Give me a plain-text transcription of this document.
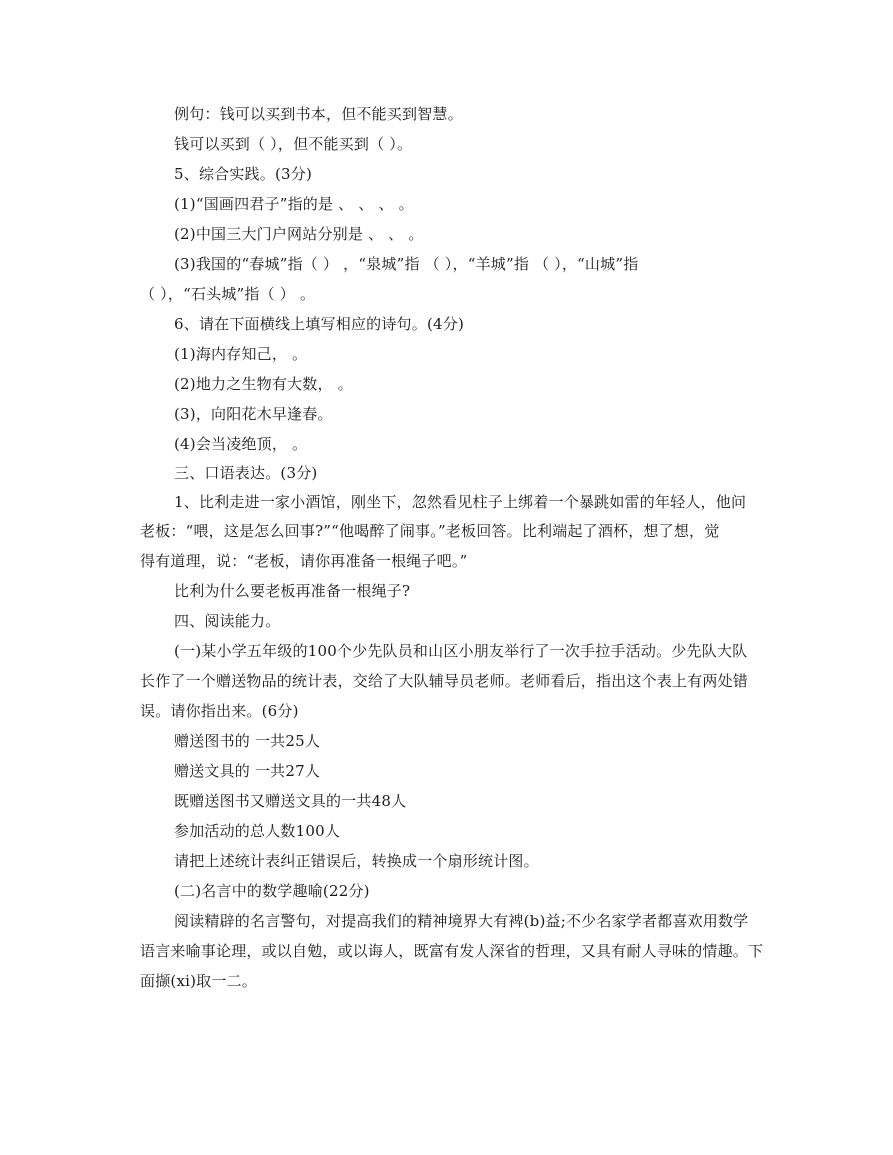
例句：钱可以买到书本，但不能买到智慧。
钱可以买到（ ），但不能买到（ ）。
5、综合实践。(3分)
(1)“国画四君子”指的是 、 、 、 。
(2)中国三大门户网站分别是 、 、 。
(3)我国的“春城”指（ ） ，“泉城”指 （ ），“羊城”指 （ ），“山城”指
（ ），“石头城”指（ ） 。
6、请在下面横线上填写相应的诗句。(4分)
(1)海内存知己， 。
(2)地力之生物有大数， 。
(3)，向阳花木早逢春。
(4)会当凌绝顶， 。
三、口语表达。(3分)
1、比利走进一家小酒馆，刚坐下，忽然看见柱子上绑着一个暴跳如雷的年轻人，他问
老板：“喂，这是怎么回事?”“他喝醉了闹事。”老板回答。比利端起了酒杯，想了想，觉
得有道理，说：“老板，请你再准备一根绳子吧。”
比利为什么要老板再准备一根绳子?
四、阅读能力。
(一)某小学五年级的100个少先队员和山区小朋友举行了一次手拉手活动。少先队大队
长作了一个赠送物品的统计表，交给了大队辅导员老师。老师看后，指出这个表上有两处错
误。请你指出来。(6分)
赠送图书的 一共25人
赠送文具的 一共27人
既赠送图书又赠送文具的一共48人
参加活动的总人数100人
请把上述统计表纠正错误后，转换成一个扇形统计图。
(二)名言中的数学趣喻(22分)
阅读精辟的名言警句，对提高我们的精神境界大有裨(b)益;不少名家学者都喜欢用数学
语言来喻事论理，或以自勉，或以诲人，既富有发人深省的哲理，又具有耐人寻味的情趣。下
面撷(xi)取一二。
